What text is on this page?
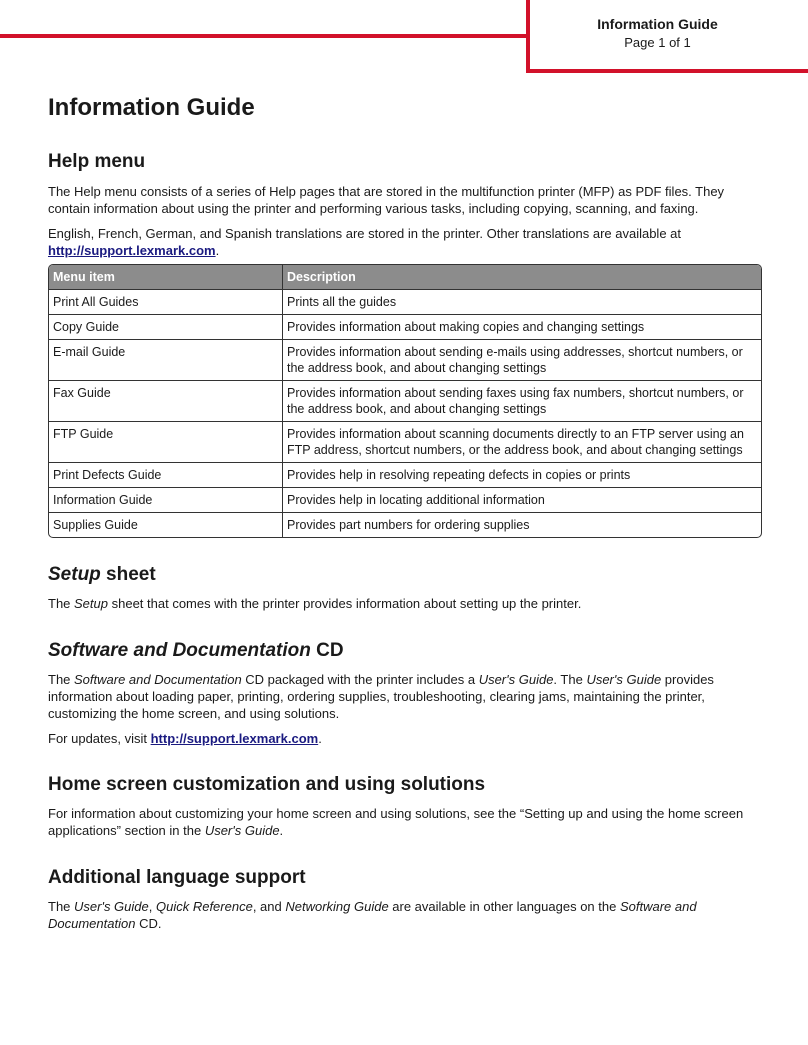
Information Guide
Page 1 of 1
Information Guide
Help menu

The Help menu consists of a series of Help pages that are stored in the multifunction printer (MFP) as PDF files. They contain information about using the printer and performing various tasks, including copying, scanning, and faxing.

English, French, German, and Spanish translations are stored in the printer. Other translations are available at
http://support.lexmark.com.

Menu item	Description
Print All Guides	Prints all the guides
Copy Guide	Provides information about making copies and changing settings
E-mail Guide	Provides information about sending e-mails using addresses, shortcut numbers, or the address book, and about changing settings
Fax Guide	Provides information about sending faxes using fax numbers, shortcut numbers, or the address book, and about changing settings
FTP Guide	Provides information about scanning documents directly to an FTP server using an FTP address, shortcut numbers, or the address book, and about changing settings
Print Defects Guide	Provides help in resolving repeating defects in copies or prints
Information Guide	Provides help in locating additional information
Supplies Guide	Provides part numbers for ordering supplies
Setup sheet

The Setup sheet that comes with the printer provides information about setting up the printer.

Software and Documentation CD

The Software and Documentation CD packaged with the printer includes a User's Guide. The User's Guide provides information about loading paper, printing, ordering supplies, troubleshooting, clearing jams, maintaining the printer, customizing the home screen, and using solutions.

For updates, visit http://support.lexmark.com.

Home screen customization and using solutions

For information about customizing your home screen and using solutions, see the “Setting up and using the home screen applications” section in the User's Guide.

Additional language support

The User's Guide, Quick Reference, and Networking Guide are available in other languages on the Software and Documentation CD.
